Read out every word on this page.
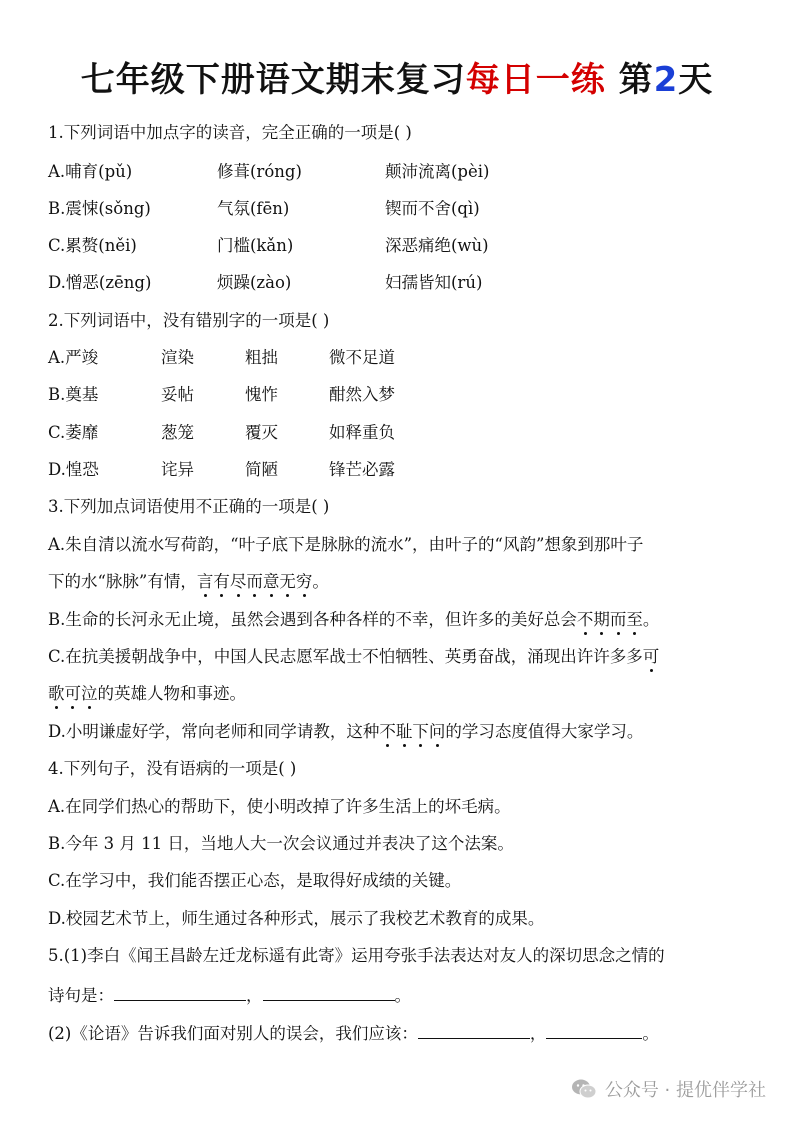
七年级下册语文期末复习每日一练 第2天
1.下列词语中加点字的读音，完全正确的一项是( )
A.哺育(pǔ)	修葺(róng)	颠沛流离(pèi)
B.震悚(sǒng)	气氛(fēn)	锲而不舍(qì)
C.累赘(něi)	门槛(kǎn)	深恶痛绝(wù)
D.憎恶(zēng)	烦躁(zào)	妇孺皆知(rú)
2.下列词语中，没有错别字的一项是( )
A.严竣	渲染	粗拙	微不足道
B.奠基	妥帖	愧怍	酣然入梦
C.萎靡	葱笼	覆灭	如释重负
D.惶恐	诧异	简陋	锋芒必露
3.下列加点词语使用不正确的一项是( )
A.朱自清以流水写荷韵，“叶子底下是脉脉的流水”，由叶子的“风韵”想象到那叶子
下的水“脉脉”有情，言有尽而意无穷。
B.生命的长河永无止境，虽然会遇到各种各样的不幸，但许多的美好总会不期而至。
C.在抗美援朝战争中，中国人民志愿军战士不怕牺牲、英勇奋战，涌现出许许多多可
歌可泣的英雄人物和事迹。
D.小明谦虚好学，常向老师和同学请教，这种不耻下问的学习态度值得大家学习。
4.下列句子，没有语病的一项是( )
A.在同学们热心的帮助下，使小明改掉了许多生活上的坏毛病。
B.今年 3 月 11 日，当地人大一次会议通过并表决了这个法案。
C.在学习中，我们能否摆正心态，是取得好成绩的关键。
D.校园艺术节上，师生通过各种形式，展示了我校艺术教育的成果。
5.(1)李白《闻王昌龄左迁龙标遥有此寄》运用夸张手法表达对友人的深切思念之情的
诗句是：	，	。
(2)《论语》告诉我们面对别人的误会，我们应该：	，	。
公众号 · 提优伴学社
